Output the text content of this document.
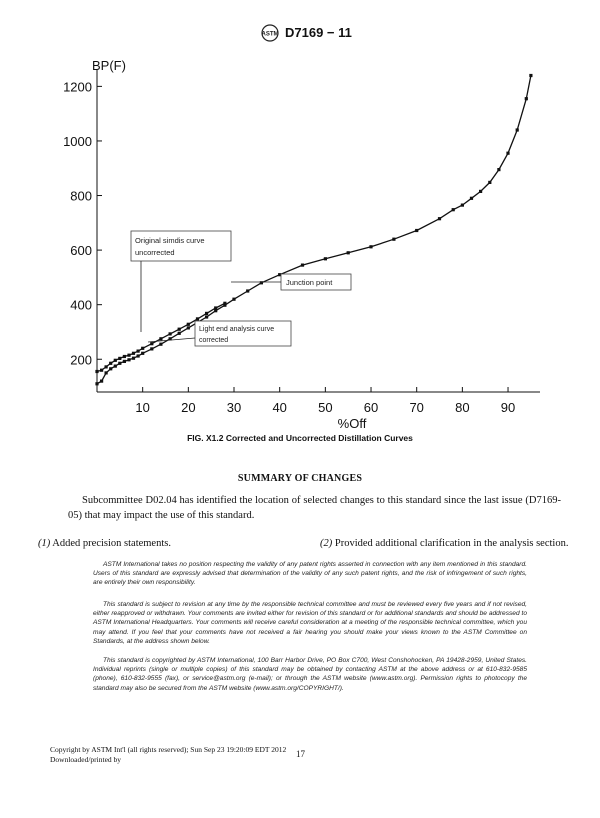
ASTM D7169 − 11
200
400
600
800
1000
1200
10 20 30 40 50 60 70 80 90
BP(F)
%Off
Original simdis curve
uncorrected
Junction point
Light end analysis curve
corrected
FIG. X1.2 Corrected and Uncorrected Distillation Curves
SUMMARY OF CHANGES
Subcommittee D02.04 has identified the location of selected changes to this standard since the last issue (D7169-05) that may impact the use of this standard.
(1) Added precision statements.	(2) Provided additional clarification in the analysis section.
ASTM International takes no position respecting the validity of any patent rights asserted in connection with any item mentioned in this standard. Users of this standard are expressly advised that determination of the validity of any such patent rights, and the risk of infringement of such rights, are entirely their own responsibility.
This standard is subject to revision at any time by the responsible technical committee and must be reviewed every five years and if not revised, either reapproved or withdrawn. Your comments are invited either for revision of this standard or for additional standards and should be addressed to ASTM International Headquarters. Your comments will receive careful consideration at a meeting of the responsible technical committee, which you may attend. If you feel that your comments have not received a fair hearing you should make your views known to the ASTM Committee on Standards, at the address shown below.
This standard is copyrighted by ASTM International, 100 Barr Harbor Drive, PO Box C700, West Conshohocken, PA 19428-2959, United States. Individual reprints (single or multiple copies) of this standard may be obtained by contacting ASTM at the above address or at 610-832-9585 (phone), 610-832-9555 (fax), or service@astm.org (e-mail); or through the ASTM website (www.astm.org). Permission rights to photocopy the standard may also be secured from the ASTM website (www.astm.org/COPYRIGHT/).
Copyright by ASTM Int'l (all rights reserved); Sun Sep 23 19:20:09 EDT 2012
Downloaded/printed by
17
